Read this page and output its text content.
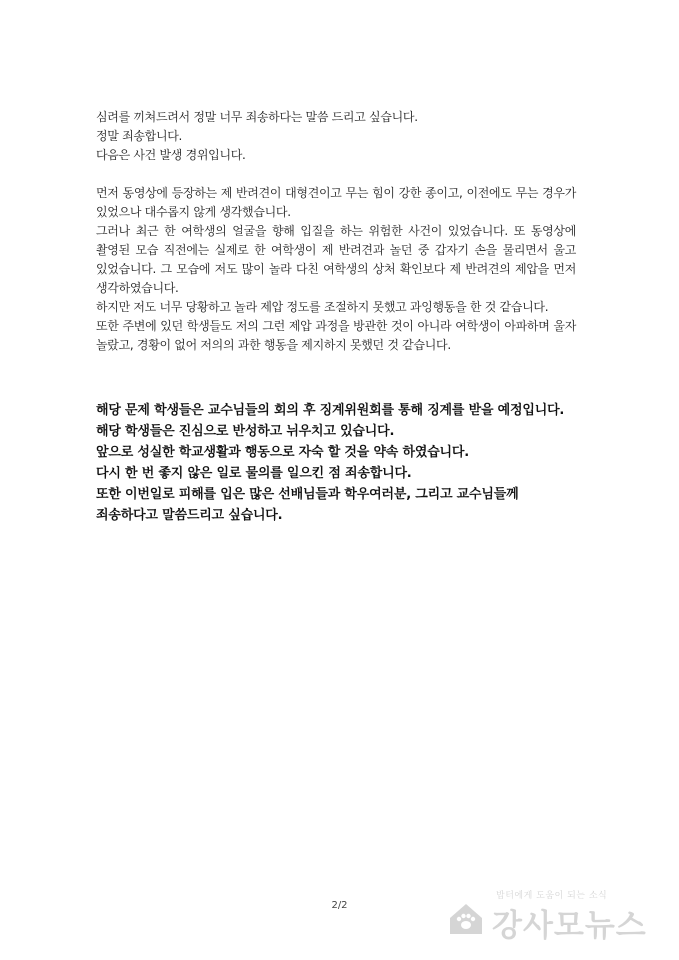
심려를 끼쳐드려서 정말 너무 죄송하다는 말씀 드리고 싶습니다.
정말 죄송합니다.
다음은 사건 발생 경위입니다.
먼저 동영상에 등장하는 제 반려견이 대형견이고 무는 힘이 강한 종이고, 이전에도 무는 경우가 있었으나 대수롭지 않게 생각했습니다.
그러나 최근 한 여학생의 얼굴을 향해 입질을 하는 위험한 사건이 있었습니다. 또 동영상에 촬영된 모습 직전에는 실제로 한 여학생이 제 반려견과 놀던 중 갑자기 손을 물리면서 울고 있었습니다. 그 모습에 저도 많이 놀라 다친 여학생의 상처 확인보다 제 반려견의 제압을 먼저 생각하였습니다.
하지만 저도 너무 당황하고 놀라 제압 정도를 조절하지 못했고 과잉행동을 한 것 같습니다.
또한 주변에 있던 학생들도 저의 그런 제압 과정을 방관한 것이 아니라 여학생이 아파하며 울자 놀랐고, 경황이 없어 저의의 과한 행동을 제지하지 못했던 것 같습니다.
해당 문제 학생들은 교수님들의 회의 후 징계위원회를 통해 징계를 받을 예정입니다.
해당 학생들은 진심으로 반성하고 뉘우치고 있습니다.
앞으로 성실한 학교생활과 행동으로 자숙 할 것을 약속 하였습니다.
다시 한 번 좋지 않은 일로 물의를 일으킨 점 죄송합니다.
또한 이번일로 피해를 입은 많은 선배님들과 학우여러분, 그리고 교수님들께 죄송하다고 말씀드리고 싶습니다.
2/2
밥터에게 도움이 되는 소식
강사모뉴스
